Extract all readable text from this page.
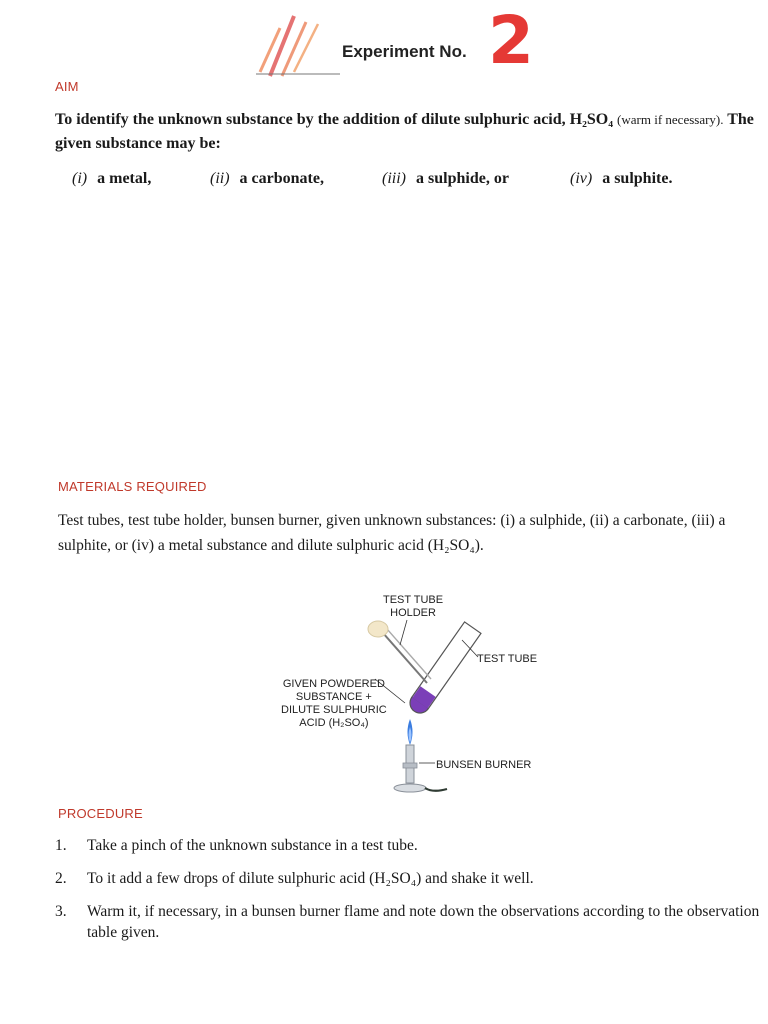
Experiment No. 2
AIM
To identify the unknown substance by the addition of dilute sulphuric acid, H₂SO₄ (warm if necessary). The given substance may be:
(i) a metal,	(ii) a carbonate,	(iii) a sulphide, or	(iv) a sulphite.
MATERIALS REQUIRED
Test tubes, test tube holder, bunsen burner, given unknown substances: (i) a sulphide, (ii) a carbonate, (iii) a sulphite, or (iv) a metal substance and dilute sulphuric acid (H₂SO₄).
TEST TUBE
HOLDER
TEST TUBE
GIVEN POWDERED
SUBSTANCE +
DILUTE SULPHURIC
ACID (H₂SO₄)
BUNSEN BURNER
PROCEDURE
1. Take a pinch of the unknown substance in a test tube.
2. To it add a few drops of dilute sulphuric acid (H₂SO₄) and shake it well.
3. Warm it, if necessary, in a bunsen burner flame and note down the observations according to the observation table given.
